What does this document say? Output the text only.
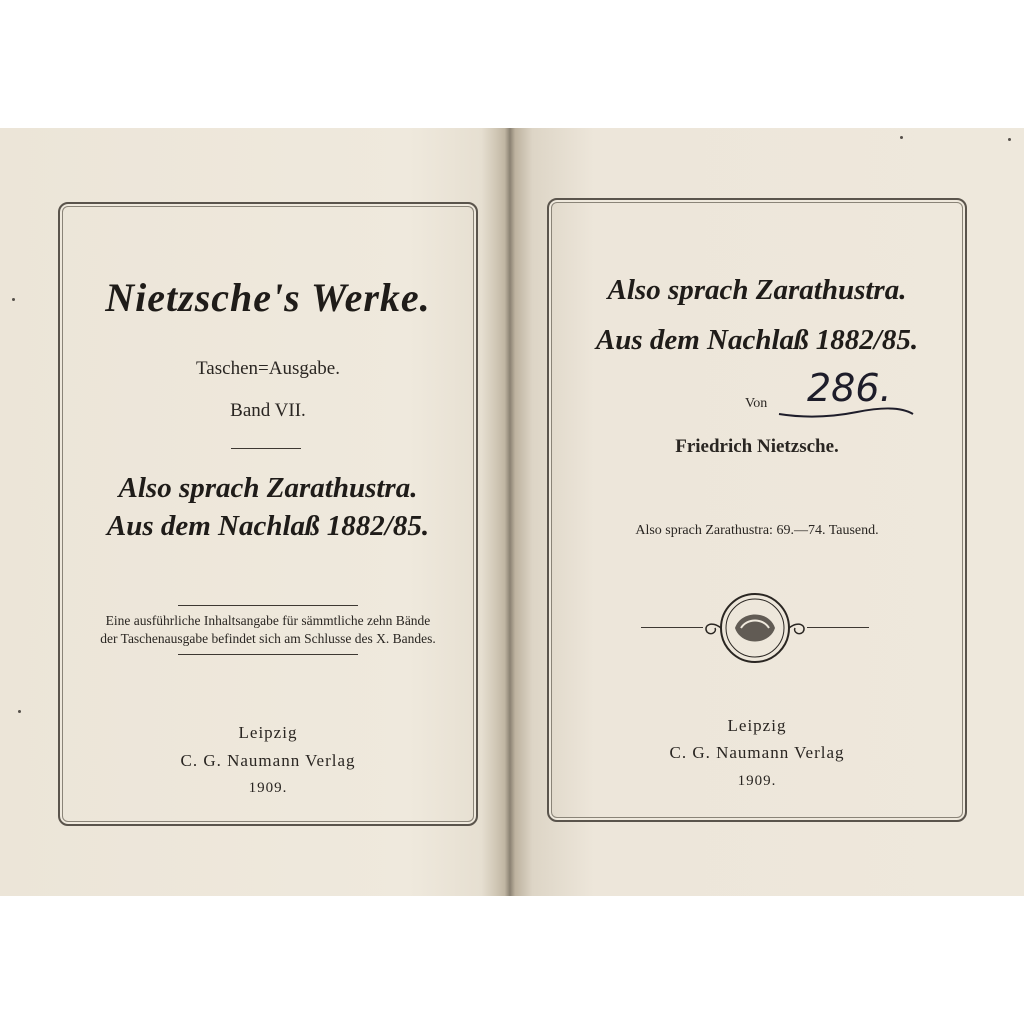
Nietzsche's Werke.
Taschen=Ausgabe.
Band VII.
Also sprach Zarathustra.
Aus dem Nachlaß 1882/85.
Eine ausführliche Inhaltsangabe für sämmtliche zehn Bände
der Taschenausgabe befindet sich am Schlusse des X. Bandes.
Leipzig
C. G. Naumann Verlag
1909.
Also sprach Zarathustra.
Aus dem Nachlaß 1882/85.
Von 286.
Friedrich Nietzsche.
Also sprach Zarathustra: 69.—74. Tausend.
Leipzig
C. G. Naumann Verlag
1909.
